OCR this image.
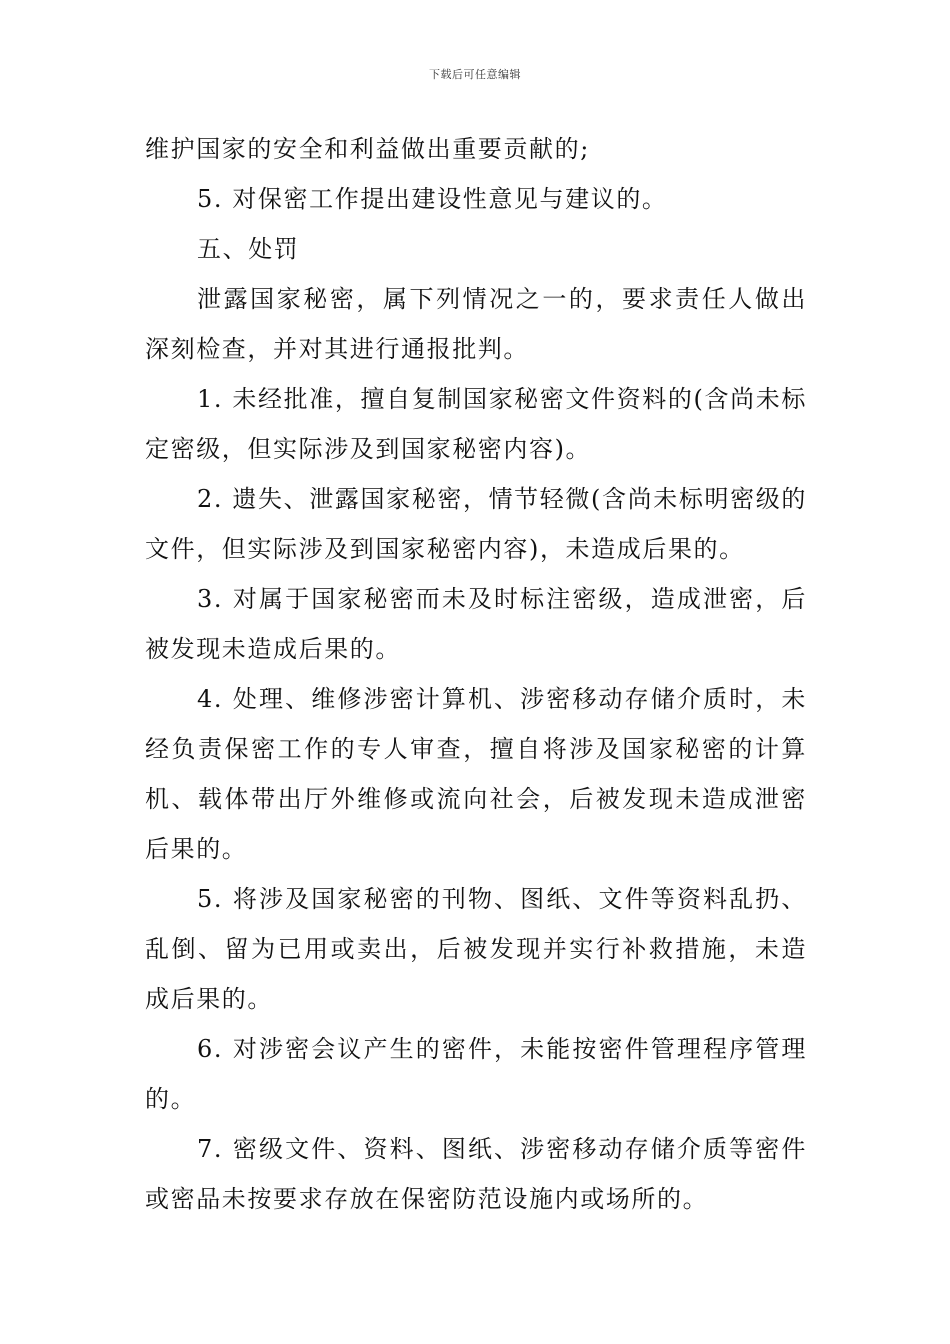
下载后可任意编辑

维护国家的安全和利益做出重要贡献的;

5. 对保密工作提出建设性意见与建议的。

五、处罚

泄露国家秘密，属下列情况之一的，要求责任人做出深刻检查，并对其进行通报批判。

1. 未经批准，擅自复制国家秘密文件资料的(含尚未标定密级，但实际涉及到国家秘密内容)。

2. 遗失、泄露国家秘密，情节轻微(含尚未标明密级的文件，但实际涉及到国家秘密内容)，未造成后果的。

3. 对属于国家秘密而未及时标注密级，造成泄密，后被发现未造成后果的。

4. 处理、维修涉密计算机、涉密移动存储介质时，未经负责保密工作的专人审查，擅自将涉及国家秘密的计算机、载体带出厅外维修或流向社会，后被发现未造成泄密后果的。

5. 将涉及国家秘密的刊物、图纸、文件等资料乱扔、乱倒、留为已用或卖出，后被发现并实行补救措施，未造成后果的。

6. 对涉密会议产生的密件，未能按密件管理程序管理的。

7. 密级文件、资料、图纸、涉密移动存储介质等密件或密品未按要求存放在保密防范设施内或场所的。
